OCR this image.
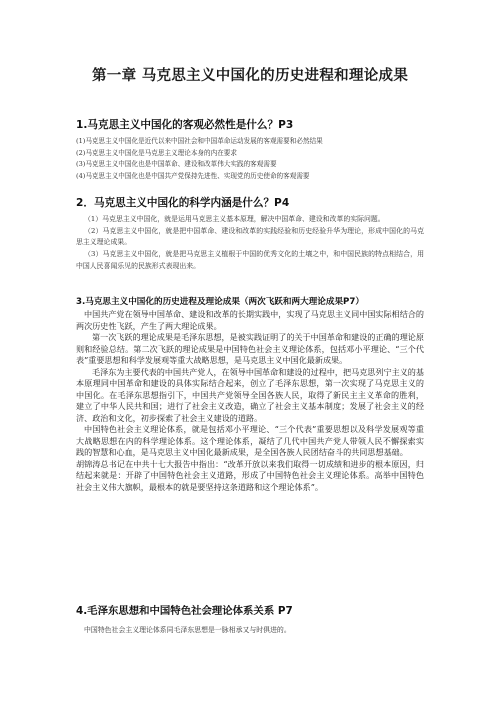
第一章 马克思主义中国化的历史进程和理论成果

1.马克思主义中国化的客观必然性是什么？P3

(1)马克思主义中国化是近代以来中国社会和中国革命运动发展的客观需要和必然结果

(2)马克思主义中国化是马克思主义理论本身的内在要求

(3)马克思主义中国化也是中国革命、建设和改革伟大实践的客观需要

(4)马克思主义中国化也是中国共产党保持先进性、实现党的历史使命的客观需要

2．马克思主义中国化的科学内涵是什么？P4

（1）马克思主义中国化，就是运用马克思主义基本原理，解决中国革命、建设和改革的实际问题。

（2）马克思主义中国化，就是把中国革命、建设和改革的实践经验和历史经验升华为理论，形成中国化的马克思主义理论成果。

（3）马克思主义中国化，就是把马克思主义植根于中国的优秀文化的土壤之中，和中国民族的特点相结合，用中国人民喜闻乐见的民族形式表现出来。

3.马克思主义中国化的历史进程及理论成果（两次飞跃和两大理论成果P7）

中国共产党在领导中国革命、建设和改革的长期实践中，实现了马克思主义同中国实际相结合的两次历史性飞跃，产生了两大理论成果。

第一次飞跃的理论成果是毛泽东思想，是被实践证明了的关于中国革命和建设的正确的理论原则和经验总结。第二次飞跃的理论成果是中国特色社会主义理论体系，包括邓小平理论、“三个代表”重要思想和科学发展观等重大战略思想，是马克思主义中国化最新成果。

毛泽东为主要代表的中国共产党人，在领导中国革命和建设的过程中，把马克思列宁主义的基本原理同中国革命和建设的具体实际结合起来，创立了毛泽东思想，第一次实现了马克思主义的中国化。在毛泽东思想指引下，中国共产党领导全国各族人民，取得了新民主主义革命的胜利，建立了中华人民共和国；进行了社会主义改造，确立了社会主义基本制度；发展了社会主义的经济、政治和文化，初步探索了社会主义建设的道路。

中国特色社会主义理论体系，就是包括邓小平理论、“三个代表”重要思想以及科学发展观等重大战略思想在内的科学理论体系。这个理论体系，凝结了几代中国共产党人带领人民不懈探索实践的智慧和心血，是马克思主义中国化最新成果，是全国各族人民团结奋斗的共同思想基础。

胡锦涛总书记在中共十七大报告中指出：“改革开放以来我们取得一切成绩和进步的根本原因，归结起来就是：开辟了中国特色社会主义道路，形成了中国特色社会主义理论体系。高举中国特色社会主义伟大旗帜，最根本的就是要坚持这条道路和这个理论体系”。

4.毛泽东思想和中国特色社会理论体系关系 P7

中国特色社会主义理论体系同毛泽东思想是一脉相承又与时俱进的。
